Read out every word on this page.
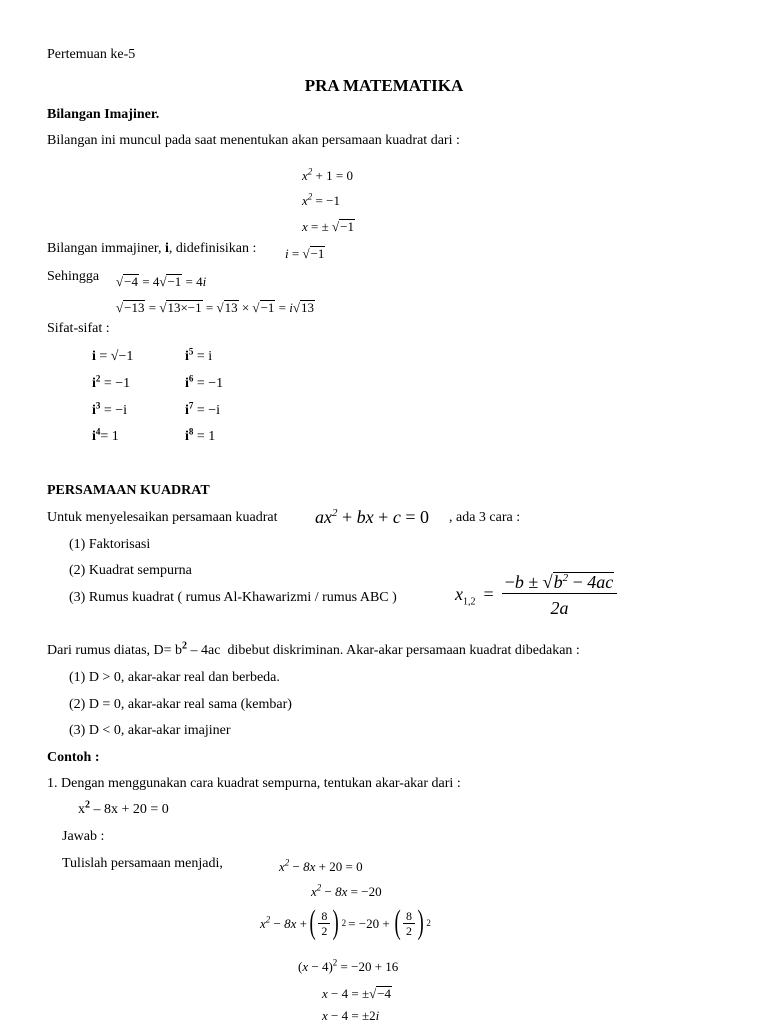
Pertemuan ke-5
PRA MATEMATIKA
Bilangan Imajiner.
Bilangan ini muncul pada saat menentukan akan persamaan kuadrat dari :
$x^2 + 1 = 0$
$x^2 = -1$
x = ± √−1
Bilangan immajiner, i, didefinisikan : i = √−1
Sehingga √−4 = 4√−1 = 4i
√−13 = √13×−1 = √13 × √−1 = i√13
Sifat-sifat :
i = √−1	$i^5 = i$
$i^2 = -1$	$i^6 = -1$
$i^3 = -i$	$i^7 = -i$
$i^4= 1$	$i^8 = 1$
PERSAMAAN KUADRAT
Untuk menyelesaikan persamaan kuadrat $ax^2$ + bx + c = 0 , ada 3 cara :
(1) Faktorisasi
(2) Kuadrat sempurna
(3) Rumus kuadrat ( rumus Al-Khawarizmi / rumus ABC )	$x_{1,2} = \frac{-b \pm √b^2 - 4ac}{2a}$
Dari rumus diatas, $D= b^2 - 4ac$  dibebut diskriminan. Akar-akar persamaan kuadrat dibedakan :
(1) D > 0, akar-akar real dan berbeda.
(2) D = 0, akar-akar real sama (kembar)
(3) D < 0, akar-akar imajiner
Contoh :
1. Dengan menggunakan cara kuadrat sempurna, tentukan akar-akar dari :
$x^2 - 8x + 20 = 0$
Jawab :
Tulislah persamaan menjadi,	$x^2 - 8x + 20 = 0$
$x^2 - 8x = -20$
$x^2 - 8x$ + ( $\frac{8}{2}$ ) 2 = −20 + ( $\frac{8}{2}$ ) 2
$(x - 4)^2 = -20 + 16$
x − 4 = ±√−4
x − 4 = ±2i
